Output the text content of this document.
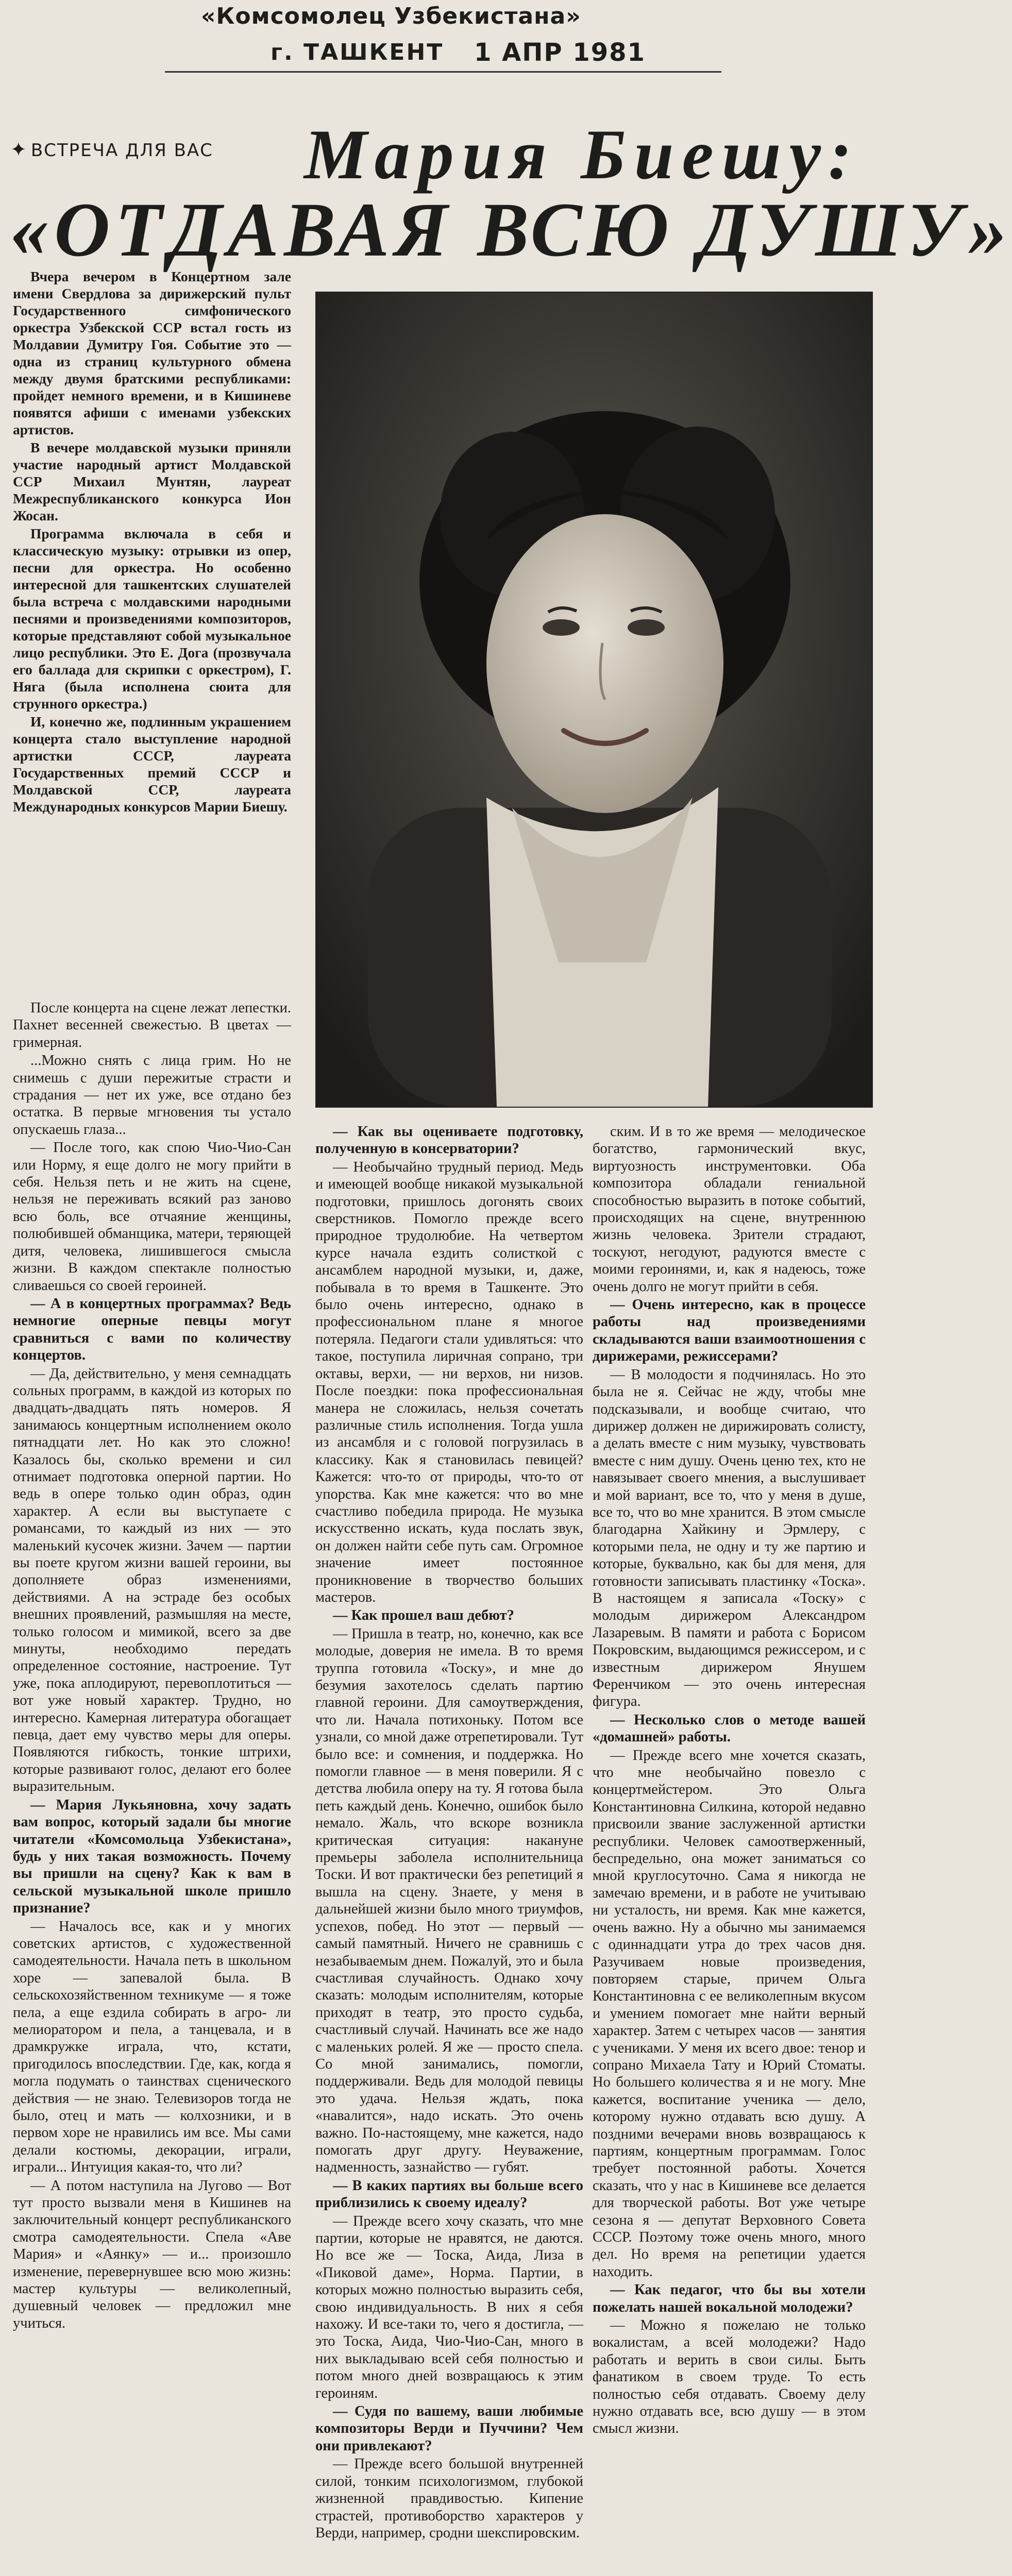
«Комсомолец Узбекистана»
г. ТАШКЕНТ 1 АПР 1981
✦ ВСТРЕЧА ДЛЯ ВАС Мария Биешу:
«ОТДАВАЯ ВСЮ ДУШУ»

Вчера вечером в Концертном зале имени Свердлова за дирижерский пульт Государственного симфонического оркестра Узбекской ССР встал гость из Молдавии Думитру Гоя. Событие это — одна из страниц культурного обмена между двумя братскими республиками: пройдет немного времени, и в Кишиневе появятся афиши с именами узбекских артистов.

В вечере молдавской музыки приняли участие народный артист Молдавской ССР Михаил Мунтян, лауреат Межреспубликанского конкурса Ион Жосан.

Программа включала в себя и классическую музыку: отрывки из опер, песни для оркестра. Но особенно интересной для ташкентских слушателей была встреча с молдавскими народными песнями и произведениями композиторов, которые представляют собой музыкальное лицо республики. Это Е. Дога (прозвучала его баллада для скрипки с оркестром), Г. Няга (была исполнена сюита для струнного оркестра.)

И, конечно же, подлинным украшением концерта стало выступление народной артистки СССР, лауреата Государственных премий СССР и Молдавской ССР, лауреата Международных конкурсов Марии Биешу.

После концерта на сцене лежат лепестки. Пахнет весенней свежестью. В цветах — гримерная.

...Можно снять с лица грим. Но не снимешь с души пережитые страсти и страдания — нет их уже, все отдано без остатка. В первые мгновения ты устало опускаешь глаза...

— После того, как спою Чио-Чио-Сан или Норму, я еще долго не могу прийти в себя. Нельзя петь и не жить на сцене, нельзя не переживать всякий раз заново всю боль, все отчаяние женщины, полюбившей обманщика, матери, теряющей дитя, человека, лишившегося смысла жизни. В каждом спектакле полностью сливаешься со своей героиней.

— А в концертных программах? Ведь немногие оперные певцы могут сравниться с вами по количеству концертов.

— Да, действительно, у меня семнадцать сольных программ, в каждой из которых по двадцать-двадцать пять номеров. Я занимаюсь концертным исполнением около пятнадцати лет. Но как это сложно! Казалось бы, сколько времени и сил отнимает подготовка оперной партии. Но ведь в опере только один образ, один характер. А если вы выступаете с романсами, то каждый из них — это маленький кусочек жизни. Зачем — партии вы поете кругом жизни вашей героини, вы дополняете образ изменениями, действиями. А на эстраде без особых внешних проявлений, размышляя на месте, только голосом и мимикой, всего за две минуты, необходимо передать определенное состояние, настроение. Тут уже, пока аплодируют, перевоплотиться — вот уже новый характер. Трудно, но интересно. Камерная литература обогащает певца, дает ему чувство меры для оперы. Появляются гибкость, тонкие штрихи, которые развивают голос, делают его более выразительным.

— Мария Лукьяновна, хочу задать вам вопрос, который задали бы многие читатели «Комсомольца Узбекистана», будь у них такая возможность. Почему вы пришли на сцену? Как к вам в сельской музыкальной школе пришло признание?

— Началось все, как и у многих советских артистов, с художественной самодеятельности. Начала петь в школьном хоре — запевалой была. В сельскохозяйственном техникуме — я тоже пела, а еще ездила собирать в агро- ли мелиоратором и пела, а танцевала, и в драмкружке играла, что, кстати, пригодилось впоследствии. Где, как, когда я могла подумать о таинствах сценического действия — не знаю. Телевизоров тогда не было, отец и мать — колхозники, и в первом хоре не нравились им все. Мы сами делали костюмы, декорации, играли, играли... Интуиция какая-то, что ли?

— А потом наступила на Лугово — Вот тут просто вызвали меня в Кишинев на заключительный концерт республиканского смотра самодеятельности. Спела «Аве Мария» и «Аянку» — и... произошло изменение, перевернувшее всю мою жизнь: мастер культуры — великолепный, душевный человек — предложил мне учиться.

— Как вы оцениваете подготовку, полученную в консерватории?

— Необычайно трудный период. Медь и имеющей вообще никакой музыкальной подготовки, пришлось догонять своих сверстников. Помогло прежде всего природное трудолюбие. На четвертом курсе начала ездить солисткой с ансамблем народной музыки, и, даже, побывала в то время в Ташкенте. Это было очень интересно, однако в профессиональном плане я многое потеряла. Педагоги стали удивляться: что такое, поступила лиричная сопрано, три октавы, верхи, — ни верхов, ни низов. После поездки: пока профессиональная манера не сложилась, нельзя сочетать различные стиль исполнения. Тогда ушла из ансамбля и с головой погрузилась в классику. Как я становилась певицей? Кажется: что-то от природы, что-то от упорства. Как мне кажется: что во мне счастливо победила природа. Не музыка искусственно искать, куда послать звук, он должен найти себе путь сам. Огромное значение имеет постоянное проникновение в творчество больших мастеров.

— Как прошел ваш дебют?

— Пришла в театр, но, конечно, как все молодые, доверия не имела. В то время труппа готовила «Тоску», и мне до безумия захотелось сделать партию главной героини. Для самоутверждения, что ли. Начала потихоньку. Потом все узнали, со мной даже отрепетировали. Тут было все: и сомнения, и поддержка. Но помогли главное — в меня поверили. Я с детства любила оперу на ту. Я готова была петь каждый день. Конечно, ошибок было немало. Жаль, что вскоре возникла критическая ситуация: накануне премьеры заболела исполнительница Тоски. И вот практически без репетиций я вышла на сцену. Знаете, у меня в дальнейшей жизни было много триумфов, успехов, побед. Но этот — первый — самый памятный. Ничего не сравнишь с незабываемым днем. Пожалуй, это и была счастливая случайность. Однако хочу сказать: молодым исполнителям, которые приходят в театр, это просто судьба, счастливый случай. Начинать все же надо с маленьких ролей. Я же — просто спела. Со мной занимались, помогли, поддерживали. Ведь для молодой певицы это удача. Нельзя ждать, пока «навалится», надо искать. Это очень важно. По-настоящему, мне кажется, надо помогать друг другу. Неуважение, надменность, зазнайство — губят.

— В каких партиях вы больше всего приблизились к своему идеалу?

— Прежде всего хочу сказать, что мне партии, которые не нравятся, не даются. Но все же — Тоска, Аида, Лиза в «Пиковой даме», Норма. Партии, в которых можно полностью выразить себя, свою индивидуальность. В них я себя нахожу. И все-таки то, чего я достигла, — это Тоска, Аида, Чио-Чио-Сан, много в них выкладываю всей себя полностью и потом много дней возвращаюсь к этим героиням.

— Судя по вашему, ваши любимые композиторы Верди и Пуччини? Чем они привлекают?

— Прежде всего большой внутренней силой, тонким психологизмом, глубокой жизненной правдивостью. Кипение страстей, противоборство характеров у Верди, например, сродни шекспировским.

ским. И в то же время — мелодическое богатство, гармонический вкус, виртуозность инструментовки. Оба композитора обладали гениальной способностью выразить в потоке событий, происходящих на сцене, внутреннюю жизнь человека. Зрители страдают, тоскуют, негодуют, радуются вместе с моими героинями, и, как я надеюсь, тоже очень долго не могут прийти в себя.

— Очень интересно, как в процессе работы над произведениями складываются ваши взаимоотношения с дирижерами, режиссерами?

— В молодости я подчинялась. Но это была не я. Сейчас не жду, чтобы мне подсказывали, и вообще считаю, что дирижер должен не дирижировать солисту, а делать вместе с ним музыку, чувствовать вместе с ним душу. Очень ценю тех, кто не навязывает своего мнения, а выслушивает и мой вариант, все то, что у меня в душе, все то, что во мне хранится. В этом смысле благодарна Хайкину и Эрмлеру, с которыми пела, не одну и ту же партию и которые, буквально, как бы для меня, для готовности записывать пластинку «Тоска». В настоящем я записала «Тоску» с молодым дирижером Александром Лазаревым. В памяти и работа с Борисом Покровским, выдающимся режиссером, и с известным дирижером Янушем Ференчиком — это очень интересная фигура.

— Несколько слов о методе вашей «домашней» работы.

— Прежде всего мне хочется сказать, что мне необычайно повезло с концертмейстером. Это Ольга Константиновна Силкина, которой недавно присвоили звание заслуженной артистки республики. Человек самоотверженный, беспредельно, она может заниматься со мной круглосуточно. Сама я никогда не замечаю времени, и в работе не учитываю ни усталость, ни время. Как мне кажется, очень важно. Ну а обычно мы занимаемся с одиннадцати утра до трех часов дня. Разучиваем новые произведения, повторяем старые, причем Ольга Константиновна с ее великолепным вкусом и умением помогает мне найти верный характер. Затем с четырех часов — занятия с учениками. У меня их всего двое: тенор и сопрано Михаела Тату и Юрий Стоматы. Но большего количества я и не могу. Мне кажется, воспитание ученика — дело, которому нужно отдавать всю душу. А поздними вечерами вновь возвращаюсь к партиям, концертным программам. Голос требует постоянной работы. Хочется сказать, что у нас в Кишиневе все делается для творческой работы. Вот уже четыре сезона я — депутат Верховного Совета СССР. Поэтому тоже очень много, много дел. Но время на репетиции удается находить.

— Как педагог, что бы вы хотели пожелать нашей вокальной молодежи?

— Можно я пожелаю не только вокалистам, а всей молодежи? Надо работать и верить в свои силы. Быть фанатиком в своем труде. То есть полностью себя отдавать. Своему делу нужно отдавать все, всю душу — в этом смысл жизни.
